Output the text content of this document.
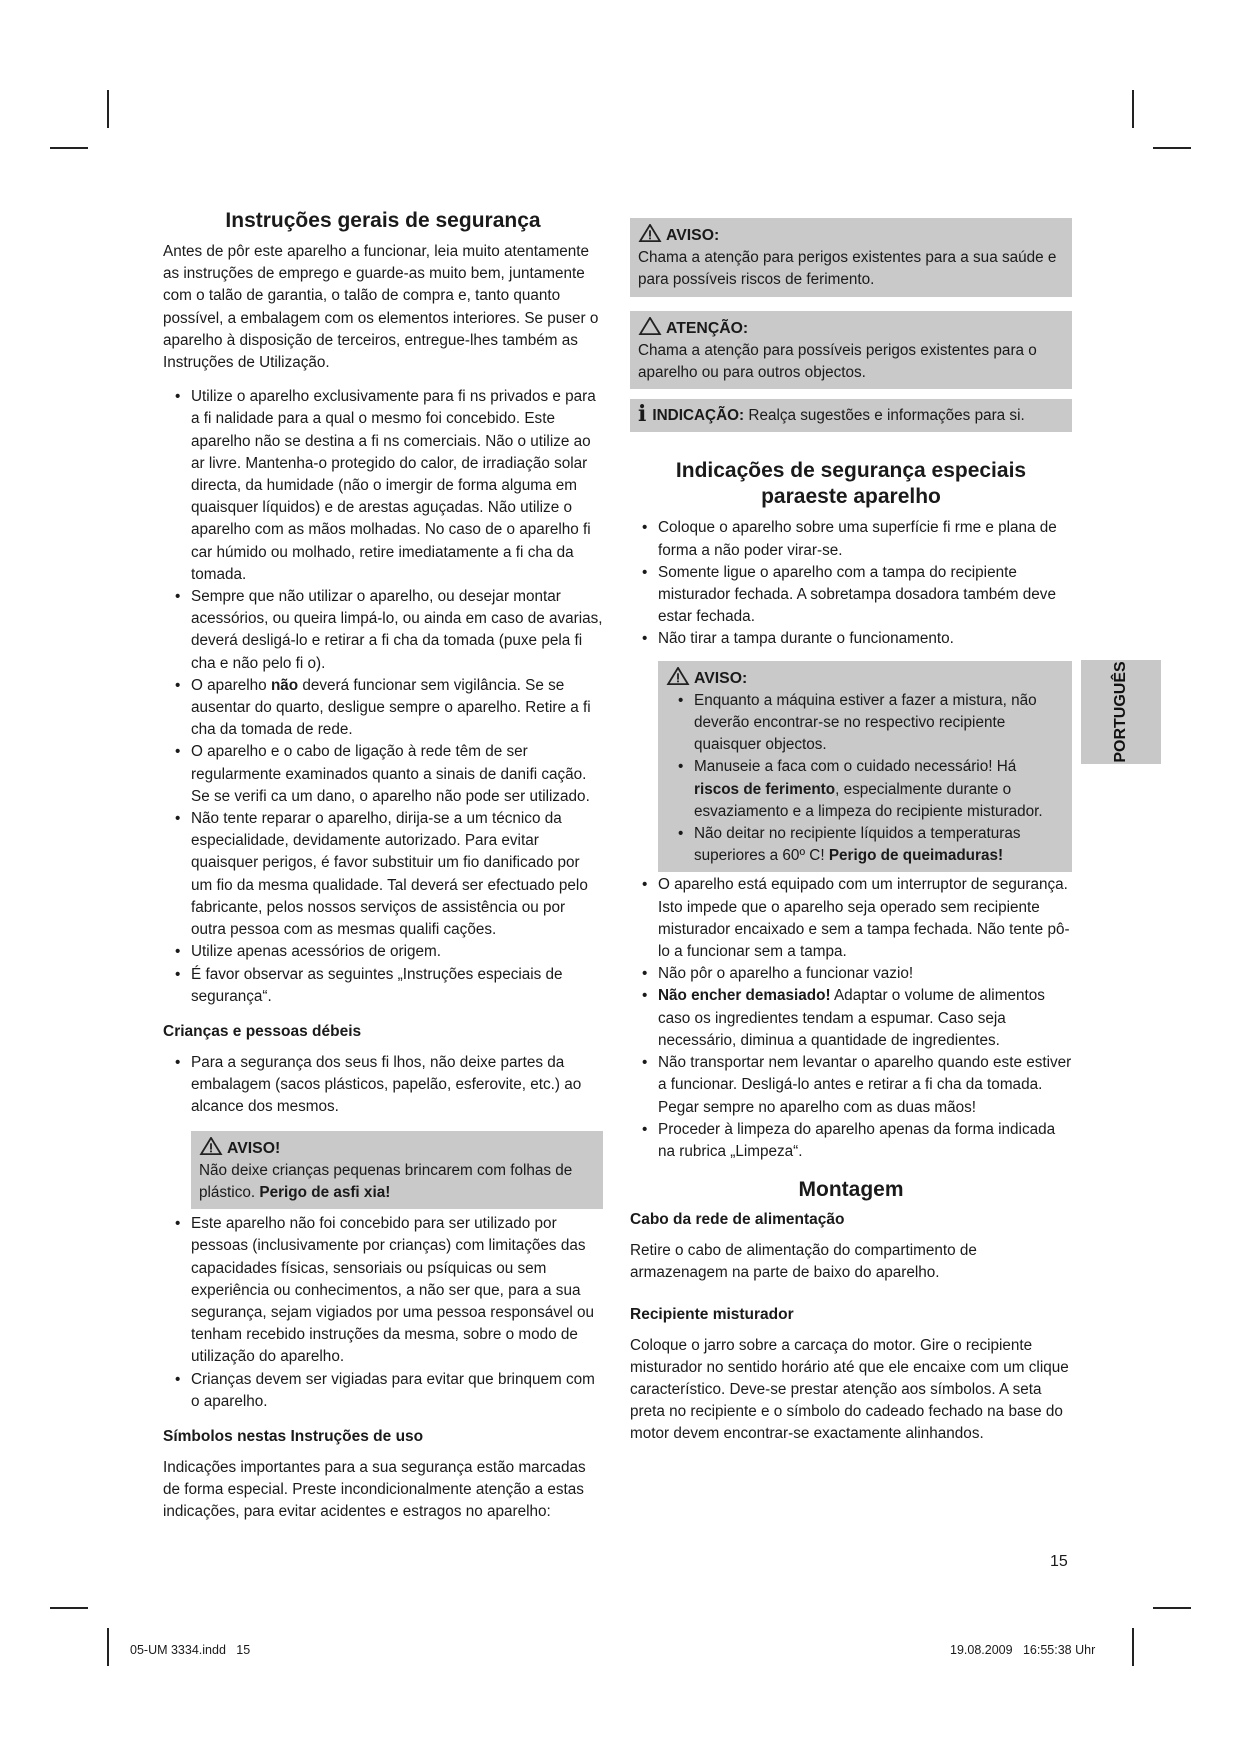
Instruções gerais de segurança

Antes de pôr este aparelho a funcionar, leia muito atentamente as instruções de emprego e guarde-as muito bem, juntamente com o talão de garantia, o talão de compra e, tanto quanto possível, a embalagem com os elementos interiores. Se puser o aparelho à disposição de terceiros, entregue-lhes também as Instruções de Utilização.

• Utilize o aparelho exclusivamente para fi ns privados e para a fi nalidade para a qual o mesmo foi concebido. Este aparelho não se destina a fi ns comerciais. Não o utilize ao ar livre. Mantenha-o protegido do calor, de irradiação solar directa, da humidade (não o imergir de forma alguma em quaisquer líquidos) e de arestas aguçadas. Não utilize o aparelho com as mãos molhadas. No caso de o aparelho fi car húmido ou molhado, retire imediatamente a fi cha da tomada.
• Sempre que não utilizar o aparelho, ou desejar montar acessórios, ou queira limpá-lo, ou ainda em caso de avarias, deverá desligá-lo e retirar a fi cha da tomada (puxe pela fi cha e não pelo fi o).
• O aparelho não deverá funcionar sem vigilância. Se se ausentar do quarto, desligue sempre o aparelho. Retire a fi cha da tomada de rede.
• O aparelho e o cabo de ligação à rede têm de ser regularmente examinados quanto a sinais de danifi cação. Se se verifi ca um dano, o aparelho não pode ser utilizado.
• Não tente reparar o aparelho, dirija-se a um técnico da especialidade, devidamente autorizado. Para evitar quaisquer perigos, é favor substituir um fio danificado por um fio da mesma qualidade. Tal deverá ser efectuado pelo fabricante, pelos nossos serviços de assistência ou por outra pessoa com as mesmas qualifi cações.
• Utilize apenas acessórios de origem.
• É favor observar as seguintes „Instruções especiais de segurança“.
Crianças e pessoas débeis
• Para a segurança dos seus fi lhos, não deixe partes da embalagem (sacos plásticos, papelão, esferovite, etc.) ao alcance dos mesmos.
AVISO!
Não deixe crianças pequenas brincarem com folhas de plástico. Perigo de asfi xia!
• Este aparelho não foi concebido para ser utilizado por pessoas (inclusivamente por crianças) com limitações das capacidades físicas, sensoriais ou psíquicas ou sem experiência ou conhecimentos, a não ser que, para a sua segurança, sejam vigiados por uma pessoa responsável ou tenham recebido instruções da mesma, sobre o modo de utilização do aparelho.
• Crianças devem ser vigiadas para evitar que brinquem com o aparelho.
Símbolos nestas Instruções de uso

Indicações importantes para a sua segurança estão marcadas de forma especial. Preste incondicionalmente atenção a estas indicações, para evitar acidentes e estragos no aparelho:

AVISO:
Chama a atenção para perigos existentes para a sua saúde e para possíveis riscos de ferimento.
ATENÇÃO:
Chama a atenção para possíveis perigos existentes para o aparelho ou para outros objectos.
i INDICAÇÃO: Realça sugestões e informações para si.
Indicações de segurança especiais
paraeste aparelho
• Coloque o aparelho sobre uma superfície fi rme e plana de forma a não poder virar-se.
• Somente ligue o aparelho com a tampa do recipiente misturador fechada. A sobretampa dosadora também deve estar fechada.
• Não tirar a tampa durante o funcionamento.
AVISO:
• Enquanto a máquina estiver a fazer a mistura, não deverão encontrar-se no respectivo recipiente quaisquer objectos.
• Manuseie a faca com o cuidado necessário! Há riscos de ferimento, especialmente durante o esvaziamento e a limpeza do recipiente misturador.
• Não deitar no recipiente líquidos a temperaturas superiores a 60º C! Perigo de queimaduras!
• O aparelho está equipado com um interruptor de segurança. Isto impede que o aparelho seja operado sem recipiente misturador encaixado e sem a tampa fechada. Não tente pô-lo a funcionar sem a tampa.
• Não pôr o aparelho a funcionar vazio!
• Não encher demasiado! Adaptar o volume de alimentos caso os ingredientes tendam a espumar. Caso seja necessário, diminua a quantidade de ingredientes.
• Não transportar nem levantar o aparelho quando este estiver a funcionar. Desligá-lo antes e retirar a fi cha da tomada. Pegar sempre no aparelho com as duas mãos!
• Proceder à limpeza do aparelho apenas da forma indicada na rubrica „Limpeza“.
Montagem
Cabo da rede de alimentação

Retire o cabo de alimentação do compartimento de armazenagem na parte de baixo do aparelho.

Recipiente misturador

Coloque o jarro sobre a carcaça do motor. Gire o recipiente misturador no sentido horário até que ele encaixe com um clique característico. Deve-se prestar atenção aos símbolos. A seta preta no recipiente e o símbolo do cadeado fechado na base do motor devem encontrar-se exactamente alinhandos.

PORTUGUÊS
15
05-UM 3334.indd   15	19.08.2009   16:55:38 Uhr
